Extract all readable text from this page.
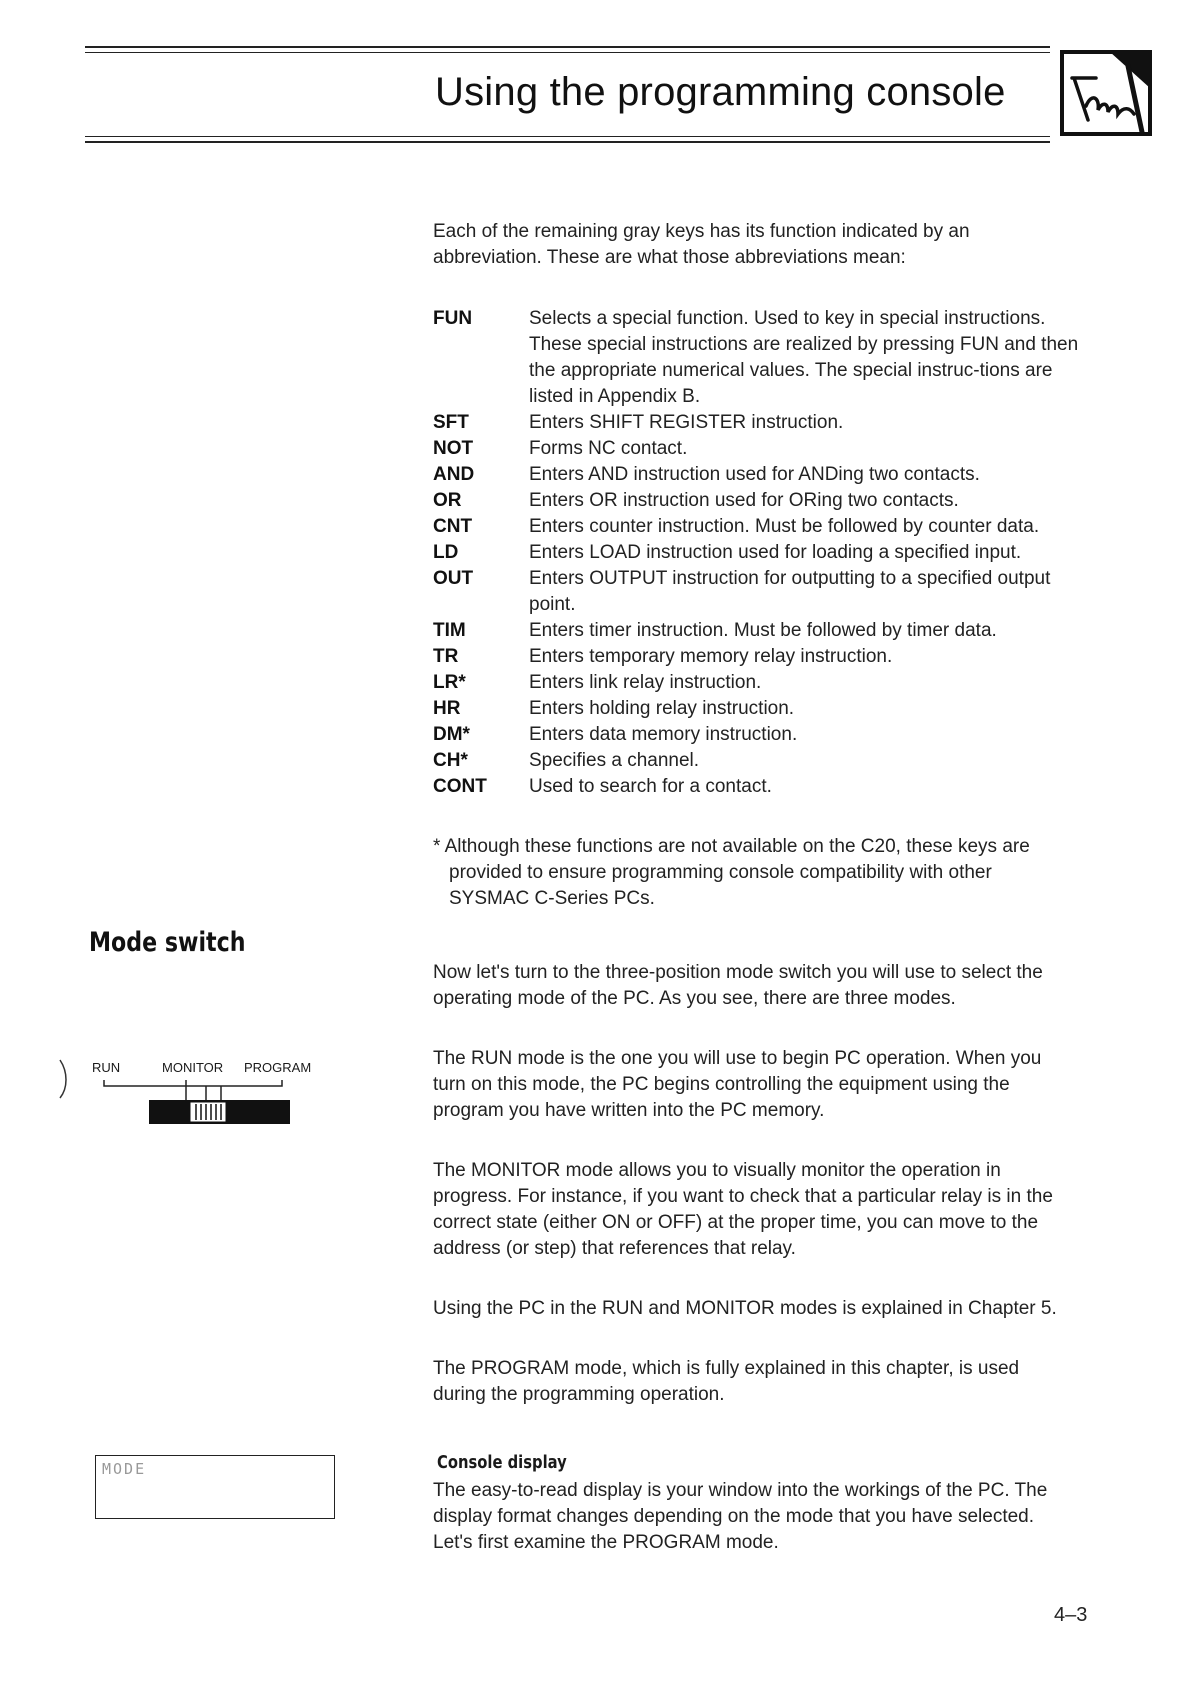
Using the programming console

Each of the remaining gray keys has its function indicated by an abbreviation. These are what those abbreviations mean:

FUN	Selects a special function. Used to key in special instructions. These special instructions are realized by pressing FUN and then the appropriate numerical values. The special instruc-tions are listed in Appendix B.
SFT	Enters SHIFT REGISTER instruction.
NOT	Forms NC contact.
AND	Enters AND instruction used for ANDing two contacts.
OR	Enters OR instruction used for ORing two contacts.
CNT	Enters counter instruction. Must be followed by counter data.
LD	Enters LOAD instruction used for loading a specified input.
OUT	Enters OUTPUT instruction for outputting to a specified output point.
TIM	Enters timer instruction. Must be followed by timer data.
TR	Enters temporary memory relay instruction.
LR*	Enters link relay instruction.
HR	Enters holding relay instruction.
DM*	Enters data memory instruction.
CH*	Specifies a channel.
CONT	Used to search for a contact.

* Although these functions are not available on the C20, these keys are provided to ensure programming console compatibility with other SYSMAC C-Series PCs.

Mode switch
RUN	MONITOR PROGRAM

Now let's turn to the three-position mode switch you will use to select the operating mode of the PC. As you see, there are three modes.

The RUN mode is the one you will use to begin PC operation. When you turn on this mode, the PC begins controlling the equipment using the program you have written into the PC memory.

The MONITOR mode allows you to visually monitor the operation in progress. For instance, if you want to check that a particular relay is in the correct state (either ON or OFF) at the proper time, you can move to the address (or step) that references that relay.

Using the PC in the RUN and MONITOR modes is explained in Chapter 5.

The PROGRAM mode, which is fully explained in this chapter, is used during the programming operation.

MODE	Console display

The easy-to-read display is your window into the workings of the PC. The display format changes depending on the mode that you have selected. Let's first examine the PROGRAM mode.

4–3
